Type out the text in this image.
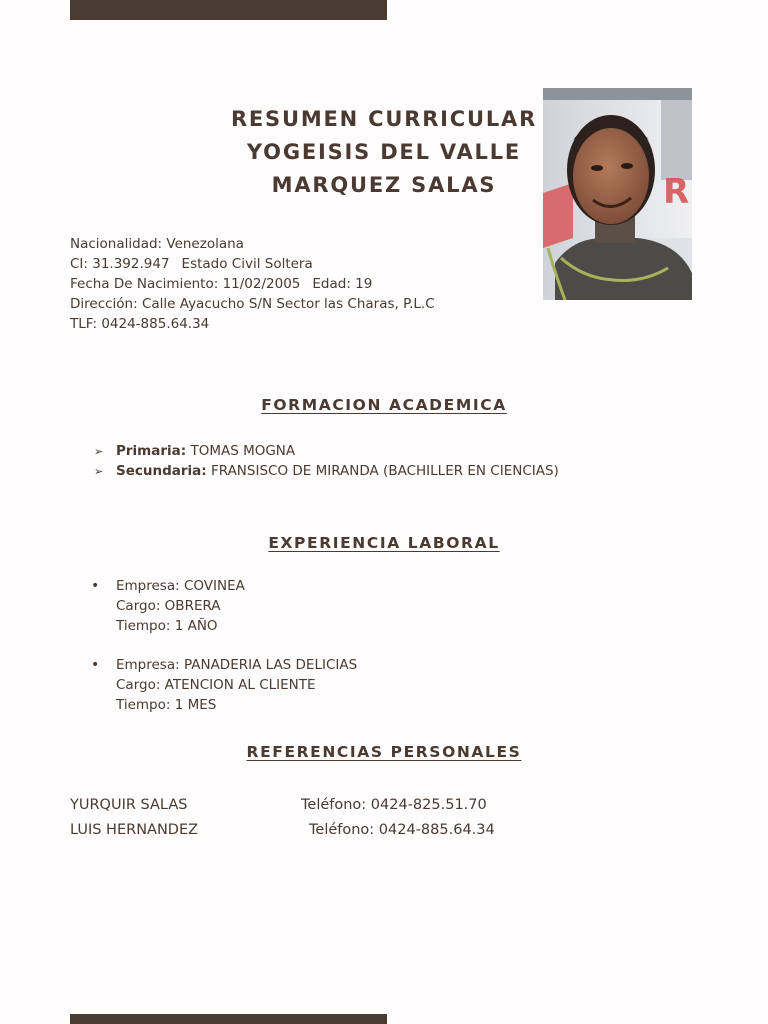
RESUMEN CURRICULAR
YOGEISIS DEL VALLE
MARQUEZ SALAS	R
Nacionalidad: Venezolana
CI: 31.392.947 Estado Civil Soltera
Fecha De Nacimiento: 11/02/2005 Edad: 19
Dirección: Calle Ayacucho S/N Sector las Charas, P.L.C
TLF: 0424-885.64.34
FORMACION ACADEMICA
➢ Primaria: TOMAS MOGNA
➢ Secundaria: FRANSISCO DE MIRANDA (BACHILLER EN CIENCIAS)
EXPERIENCIA LABORAL
• Empresa: COVINEA
Cargo: OBRERA
Tiempo: 1 AÑO
• Empresa: PANADERIA LAS DELICIAS
Cargo: ATENCION AL CLIENTE
Tiempo: 1 MES
REFERENCIAS PERSONALES
YURQUIR SALAS	Teléfono: 0424-825.51.70
LUIS HERNANDEZ	Teléfono: 0424-885.64.34
